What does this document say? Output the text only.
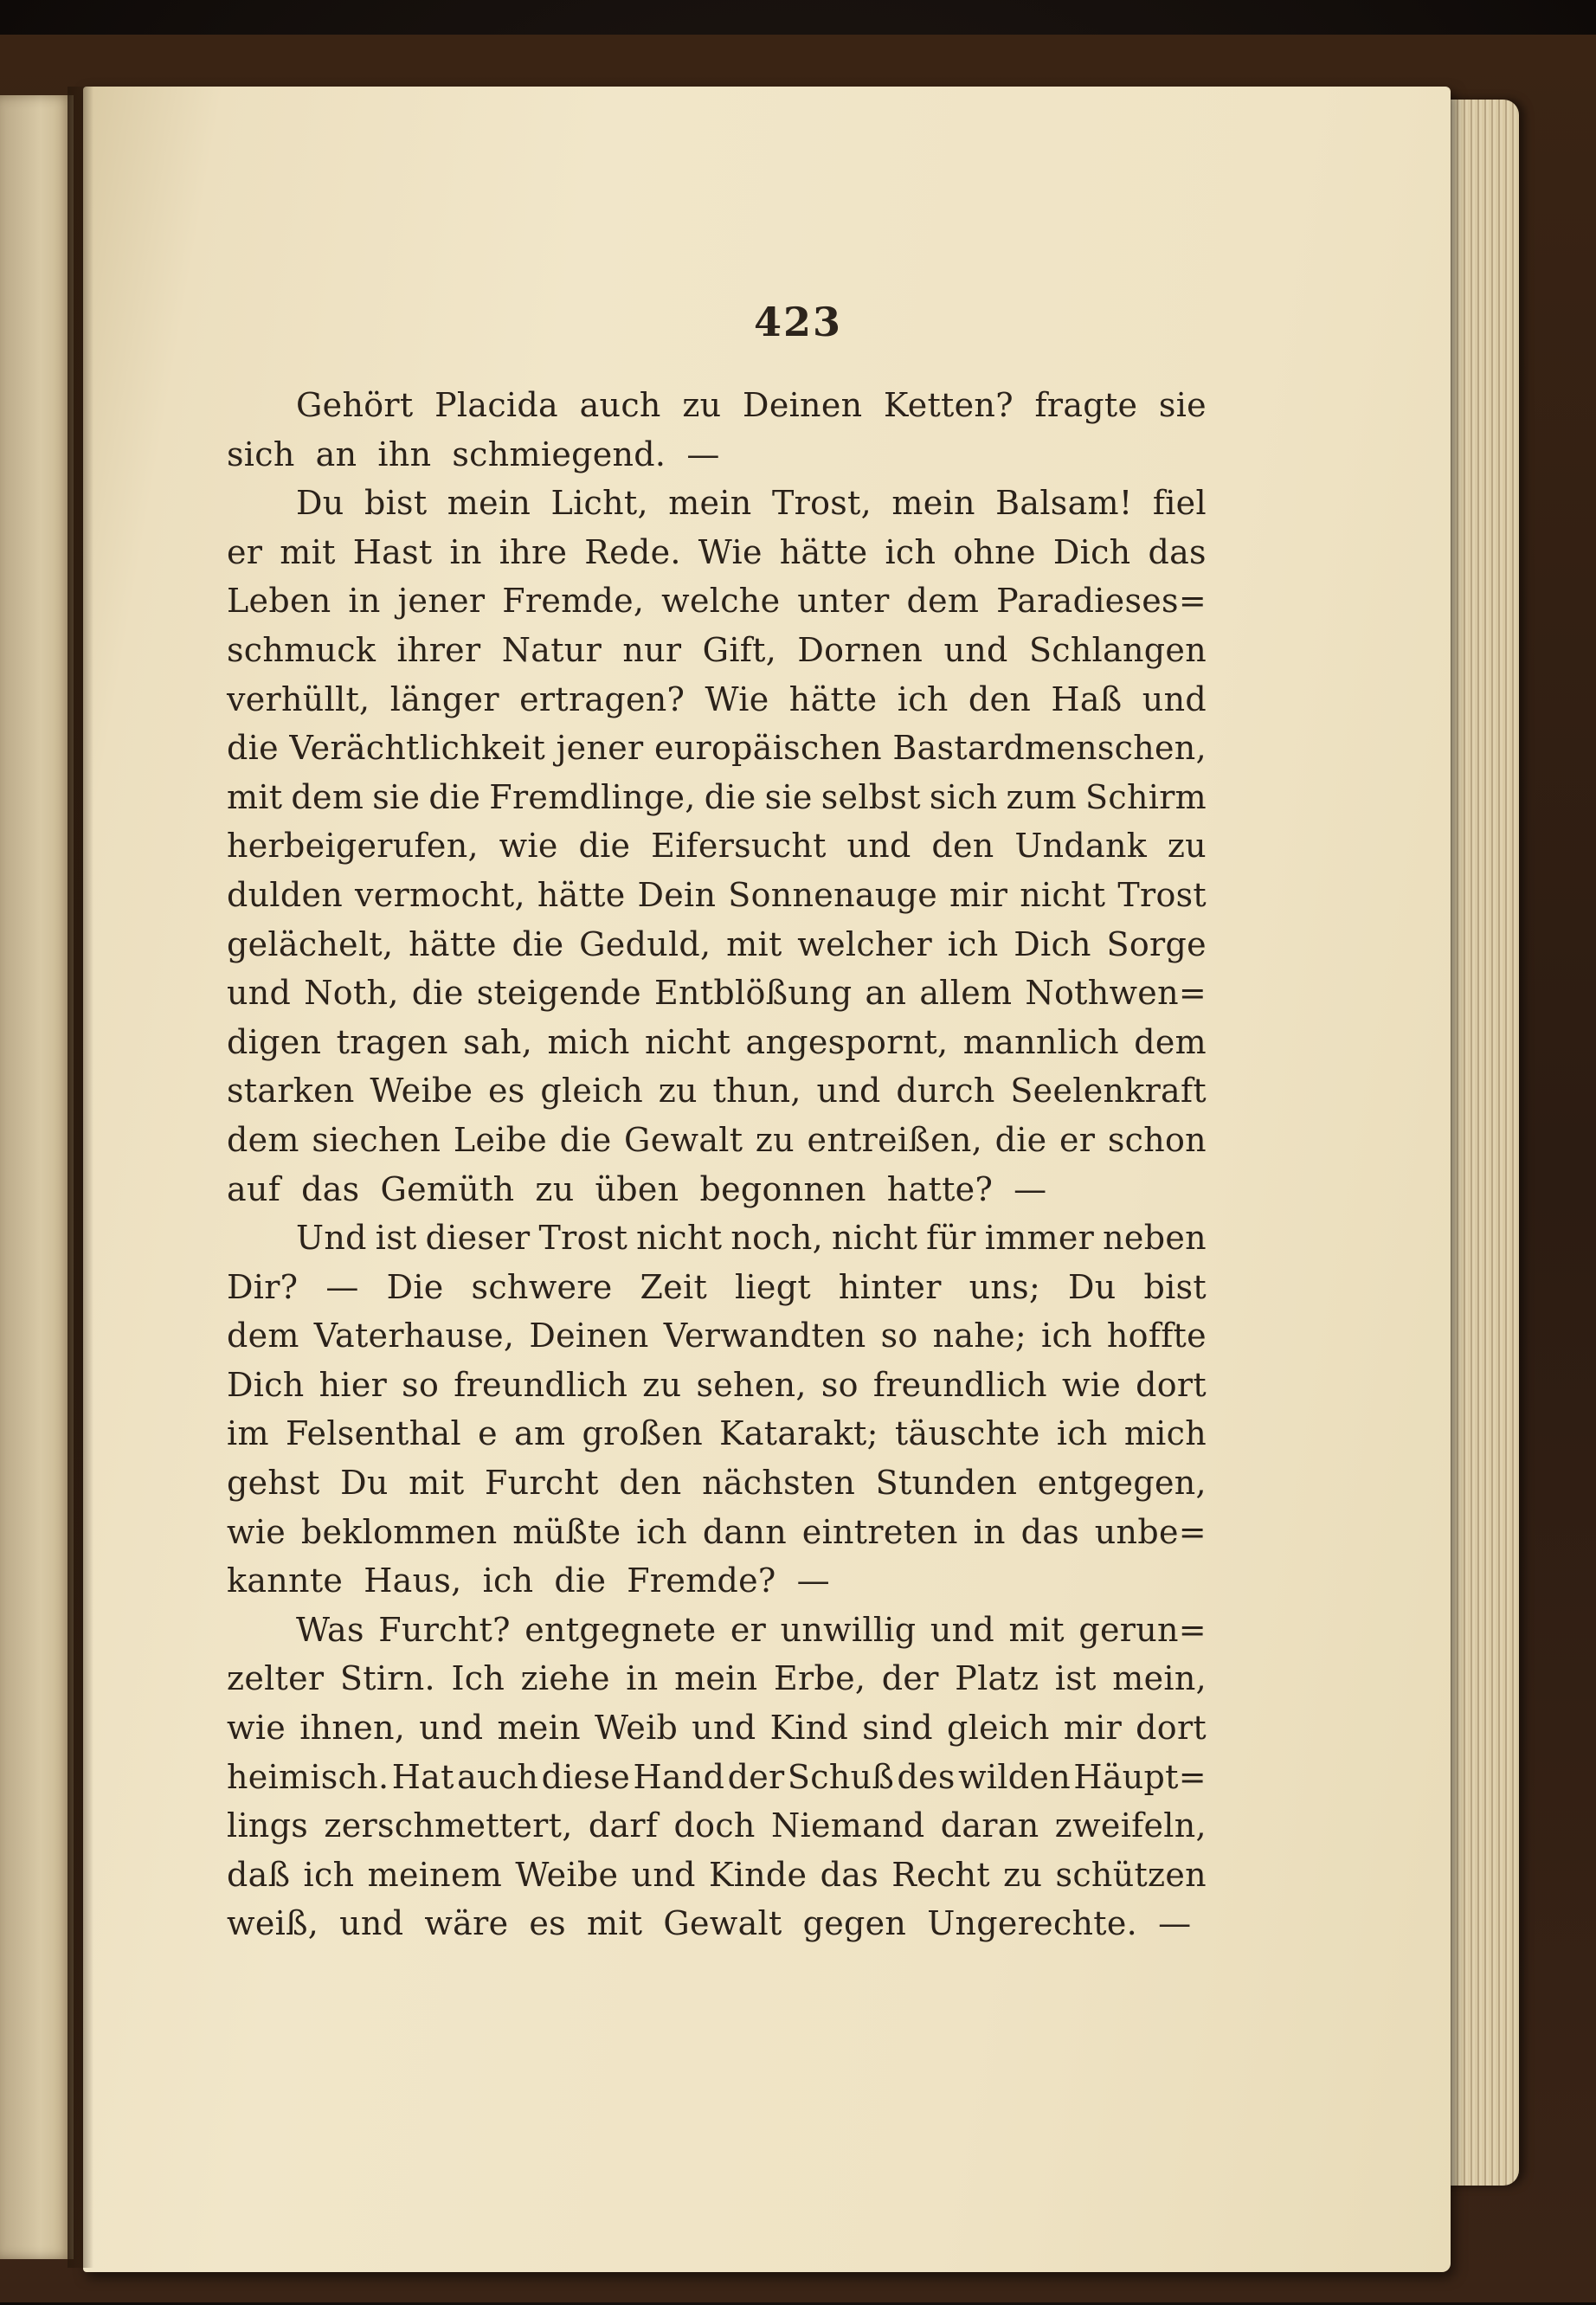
423
Gehört Placida auch zu Deinen Ketten? fragte sie
sich an ihn schmiegend. —
Du bist mein Licht, mein Trost, mein Balsam! fiel
er mit Hast in ihre Rede. Wie hätte ich ohne Dich das
Leben in jener Fremde, welche unter dem Paradieses=
schmuck ihrer Natur nur Gift, Dornen und Schlangen
verhüllt, länger ertragen? Wie hätte ich den Haß und
die Verächtlichkeit jener europäischen Bastardmenschen,
mit dem sie die Fremdlinge, die sie selbst sich zum Schirm
herbeigerufen, wie die Eifersucht und den Undank zu
dulden vermocht, hätte Dein Sonnenauge mir nicht Trost
gelächelt, hätte die Geduld, mit welcher ich Dich Sorge
und Noth, die steigende Entblößung an allem Nothwen=
digen tragen sah, mich nicht angespornt, mannlich dem
starken Weibe es gleich zu thun, und durch Seelenkraft
dem siechen Leibe die Gewalt zu entreißen, die er schon
auf das Gemüth zu üben begonnen hatte? —
Und ist dieser Trost nicht noch, nicht für immer neben
Dir? — Die schwere Zeit liegt hinter uns; Du bist
dem Vaterhause, Deinen Verwandten so nahe; ich hoffte
Dich hier so freundlich zu sehen, so freundlich wie dort
im Felsenthal e am großen Katarakt; täuschte ich mich
gehst Du mit Furcht den nächsten Stunden entgegen,
wie beklommen müßte ich dann eintreten in das unbe=
kannte Haus, ich die Fremde? —
Was Furcht? entgegnete er unwillig und mit gerun=
zelter Stirn. Ich ziehe in mein Erbe, der Platz ist mein,
wie ihnen, und mein Weib und Kind sind gleich mir dort
heimisch. Hat auch diese Hand der Schuß des wilden Häupt=
lings zerschmettert, darf doch Niemand daran zweifeln,
daß ich meinem Weibe und Kinde das Recht zu schützen
weiß, und wäre es mit Gewalt gegen Ungerechte. —
